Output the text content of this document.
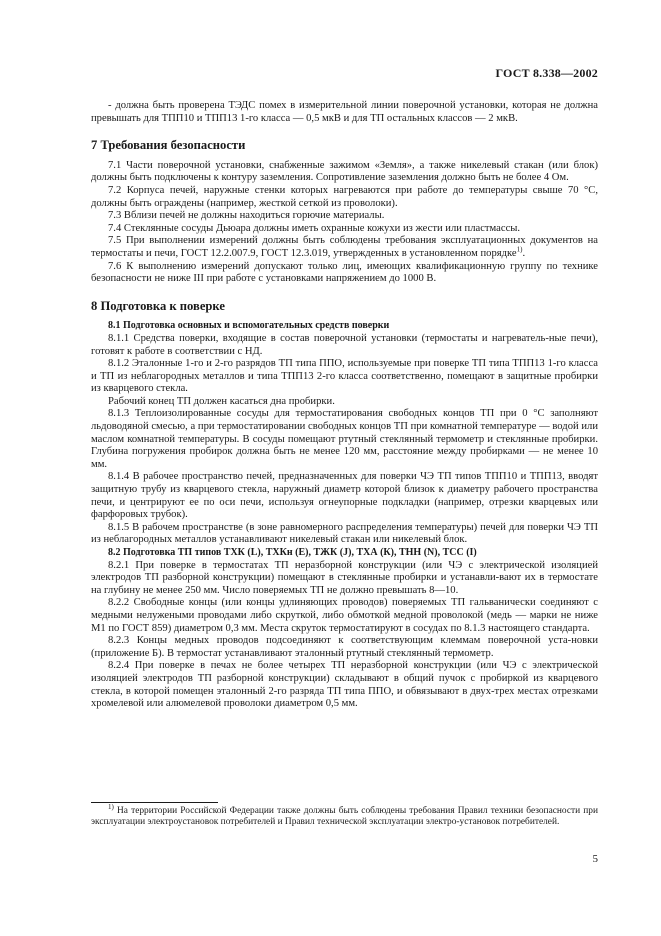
ГОСТ 8.338—2002

- должна быть проверена ТЭДС помех в измерительной линии поверочной установки, которая не должна превышать для ТПП10 и ТПП13 1-го класса — 0,5 мкВ и для ТП остальных классов — 2 мкВ.

7 Требования безопасности

7.1 Части поверочной установки, снабженные зажимом «Земля», а также никелевый стакан (или блок) должны быть подключены к контуру заземления. Сопротивление заземления должно быть не более 4 Ом.

7.2 Корпуса печей, наружные стенки которых нагреваются при работе до температуры свыше 70 °С, должны быть ограждены (например, жесткой сеткой из проволоки).

7.3 Вблизи печей не должны находиться горючие материалы.

7.4 Стеклянные сосуды Дьюара должны иметь охранные кожухи из жести или пластмассы.

7.5 При выполнении измерений должны быть соблюдены требования эксплуатационных документов на термостаты и печи, ГОСТ 12.2.007.9, ГОСТ 12.3.019, утвержденных в установленном порядке$^{1)}$.

7.6 К выполнению измерений допускают только лиц, имеющих квалификационную группу по технике безопасности не ниже III при работе с установками напряжением до 1000 В.

8 Подготовка к поверке

8.1 Подготовка основных и вспомогательных средств поверки

8.1.1 Средства поверки, входящие в состав поверочной установки (термостаты и нагреватель-ные печи), готовят к работе в соответствии с НД.

8.1.2 Эталонные 1-го и 2-го разрядов ТП типа ППО, используемые при поверке ТП типа ТПП13 1-го класса и ТП из неблагородных металлов и типа ТПП13 2-го класса соответственно, помещают в защитные пробирки из кварцевого стекла.

Рабочий конец ТП должен касаться дна пробирки.

8.1.3 Теплоизолированные сосуды для термостатирования свободных концов ТП при 0 °С заполняют льдоводяной смесью, а при термостатировании свободных концов ТП при комнатной температуре — водой или маслом комнатной температуры. В сосуды помещают ртутный стеклянный термометр и стеклянные пробирки. Глубина погружения пробирок должна быть не менее 120 мм, расстояние между пробирками — не менее 10 мм.

8.1.4 В рабочее пространство печей, предназначенных для поверки ЧЭ ТП типов ТПП10 и ТПП13, вводят защитную трубу из кварцевого стекла, наружный диаметр которой близок к диаметру рабочего пространства печи, и центрируют ее по оси печи, используя огнеупорные подкладки (например, отрезки кварцевых или фарфоровых трубок).

8.1.5 В рабочем пространстве (в зоне равномерного распределения температуры) печей для поверки ЧЭ ТП из неблагородных металлов устанавливают никелевый стакан или никелевый блок.

8.2 Подготовка ТП типов ТХК (L), ТХКн (Е), ТЖК (J), ТХА (К), ТНН (N), ТСС (I)

8.2.1 При поверке в термостатах ТП неразборной конструкции (или ЧЭ с электрической изоляцией электродов ТП разборной конструкции) помещают в стеклянные пробирки и устанавли-вают их в термостате на глубину не менее 250 мм. Число поверяемых ТП не должно превышать 8—10.

8.2.2 Свободные концы (или концы удлиняющих проводов) поверяемых ТП гальванически соединяют с медными нелужеными проводами либо скруткой, либо обмоткой медной проволокой (медь — марки не ниже М1 по ГОСТ 859) диаметром 0,3 мм. Места скруток термостатируют в сосудах по 8.1.3 настоящего стандарта.

8.2.3 Концы медных проводов подсоединяют к соответствующим клеммам поверочной уста-новки (приложение Б). В термостат устанавливают эталонный ртутный стеклянный термометр.

8.2.4 При поверке в печах не более четырех ТП неразборной конструкции (или ЧЭ с электрической изоляцией электродов ТП разборной конструкции) складывают в общий пучок с пробиркой из кварцевого стекла, в которой помещен эталонный 2-го разряда ТП типа ППО, и обвязывают в двух-трех местах отрезками хромелевой или алюмелевой проволоки диаметром 0,5 мм.

$^{1)}$ На территории Российской Федерации также должны быть соблюдены требования Правил техники безопасности при эксплуатации электроустановок потребителей и Правил технической эксплуатации электро-установок потребителей.
5
